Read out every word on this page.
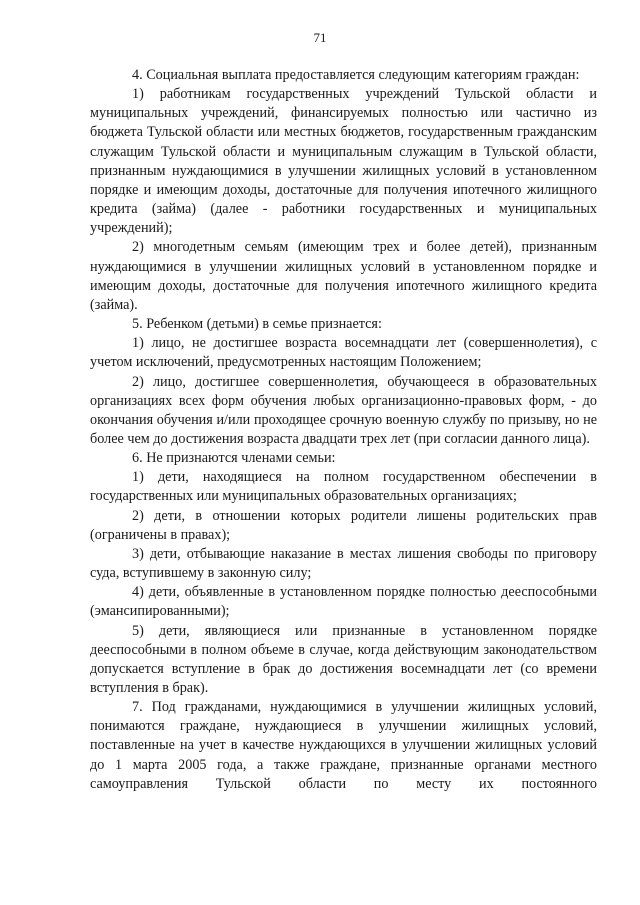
71

4. Социальная выплата предоставляется следующим категориям граждан:

1) работникам государственных учреждений Тульской области и муниципальных учреждений, финансируемых полностью или частично из бюджета Тульской области или местных бюджетов, государственным гражданским служащим Тульской области и муниципальным служащим в Тульской области, признанным нуждающимися в улучшении жилищных условий в установленном порядке и имеющим доходы, достаточные для получения ипотечного жилищного кредита (займа) (далее - работники государственных и муниципальных учреждений);

2) многодетным семьям (имеющим трех и более детей), признанным нуждающимися в улучшении жилищных условий в установленном порядке и имеющим доходы, достаточные для получения ипотечного жилищного кредита (займа).

5. Ребенком (детьми) в семье признается:

1) лицо, не достигшее возраста восемнадцати лет (совершеннолетия), с учетом исключений, предусмотренных настоящим Положением;

2) лицо, достигшее совершеннолетия, обучающееся в образовательных организациях всех форм обучения любых организационно-правовых форм, - до окончания обучения и/или проходящее срочную военную службу по призыву, но не более чем до достижения возраста двадцати трех лет (при согласии данного лица).

6. Не признаются членами семьи:

1) дети, находящиеся на полном государственном обеспечении в государственных или муниципальных образовательных организациях;

2) дети, в отношении которых родители лишены родительских прав (ограничены в правах);

3) дети, отбывающие наказание в местах лишения свободы по приговору суда, вступившему в законную силу;

4) дети, объявленные в установленном порядке полностью дееспособными (эмансипированными);

5) дети, являющиеся или признанные в установленном порядке дееспособными в полном объеме в случае, когда действующим законодательством допускается вступление в брак до достижения восемнадцати лет (со времени вступления в брак).

7. Под гражданами, нуждающимися в улучшении жилищных условий, понимаются граждане, нуждающиеся в улучшении жилищных условий, поставленные на учет в качестве нуждающихся в улучшении жилищных условий до 1 марта 2005 года, а также граждане, признанные органами местного самоуправления Тульской области по месту их постоянного
